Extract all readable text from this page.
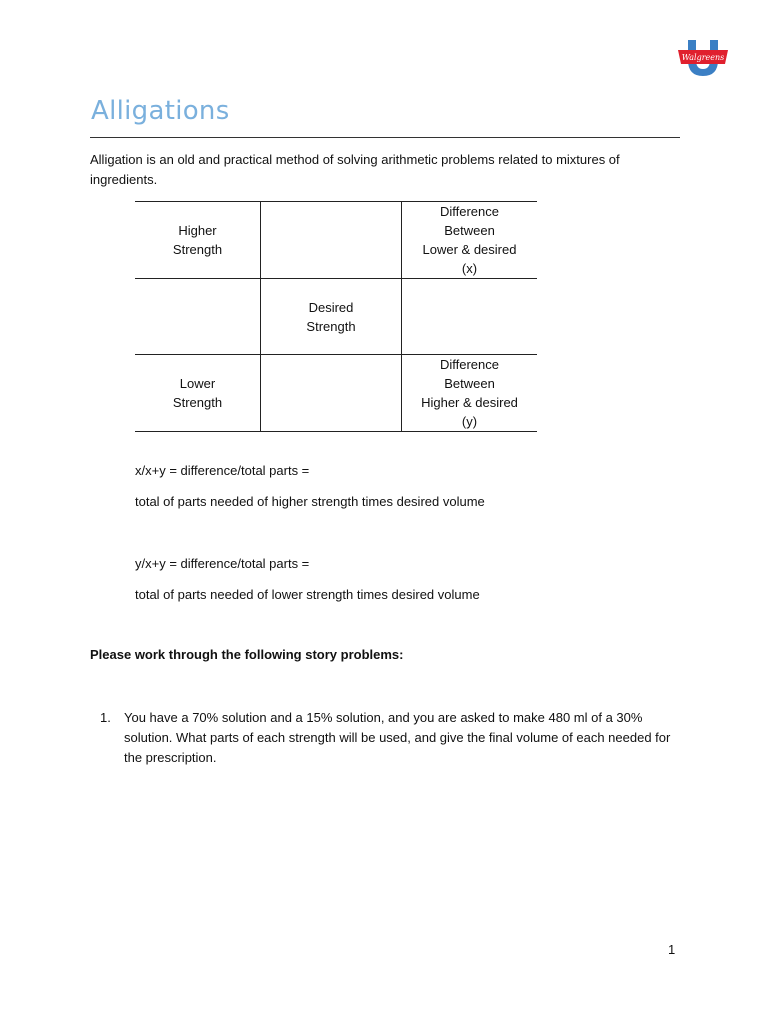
Walgreens
Alligations
Alligation is an old and practical method of solving arithmetic problems related to mixtures of ingredients.
Higher
Strength		Difference
Between
Lower & desired
(x)

	Desired
Strength	

Lower
Strength		Difference
Between
Higher & desired
(y)
x/x+y = difference/total parts =
total of parts needed of higher strength times desired volume
y/x+y = difference/total parts =
total of parts needed of lower strength times desired volume
Please work through the following story problems:
1. You have a 70% solution and a 15% solution, and you are asked to make 480 ml of a 30% solution. What parts of each strength will be used, and give the final volume of each needed for the prescription.
1
